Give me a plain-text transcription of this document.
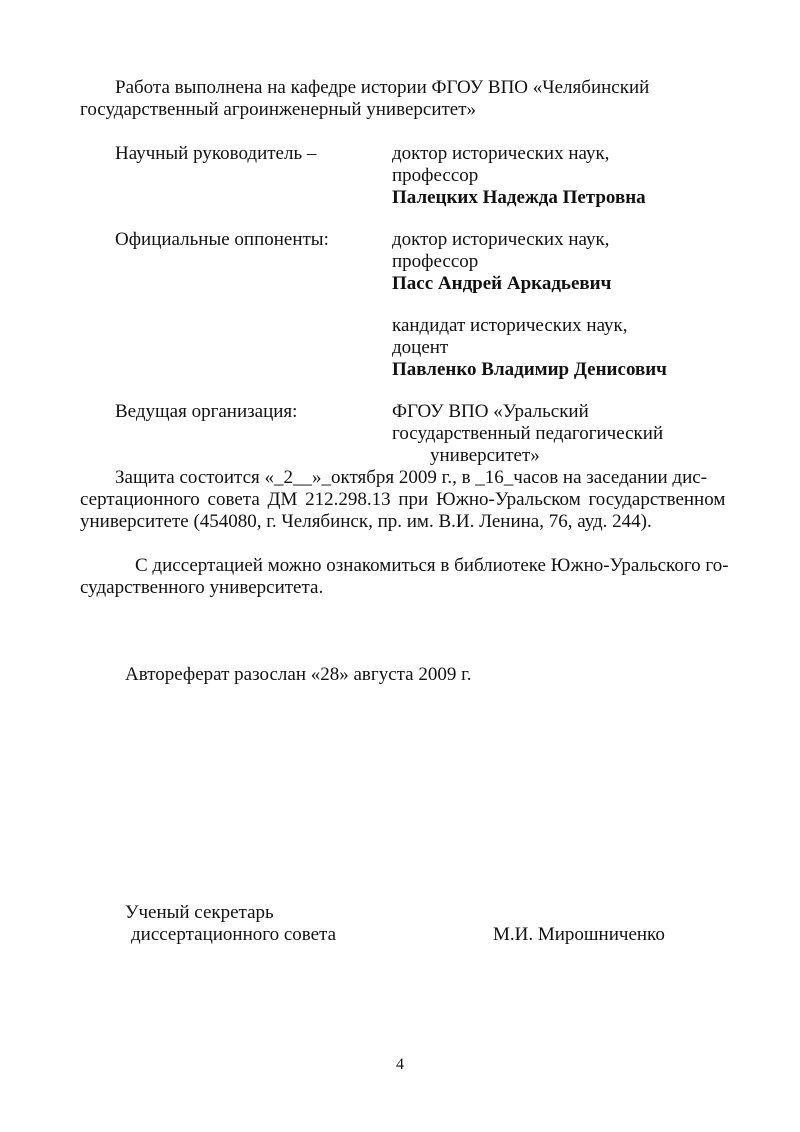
Работа выполнена на кафедре истории ФГОУ ВПО «Челябинский
государственный агроинженерный университет»
Научный руководитель –	доктор исторических наук,
профессор
Палецких Надежда Петровна
Официальные оппоненты:	доктор исторических наук,
профессор
Пасс Андрей Аркадьевич
кандидат исторических наук,
доцент
Павленко Владимир Денисович
Ведущая организация:	ФГОУ ВПО «Уральский
государственный педагогический
университет»
Защита состоится «_2__»_октября 2009 г., в _16_часов на заседании дис-
сертационного совета ДМ 212.298.13 при Южно-Уральском государственном
университете (454080, г. Челябинск, пр. им. В.И. Ленина, 76, ауд. 244).
С диссертацией можно ознакомиться в библиотеке Южно-Уральского го-
сударственного университета.
Автореферат разослан «28» августа 2009 г.
Ученый секретарь
диссертационного совета	М.И. Мирошниченко
4
